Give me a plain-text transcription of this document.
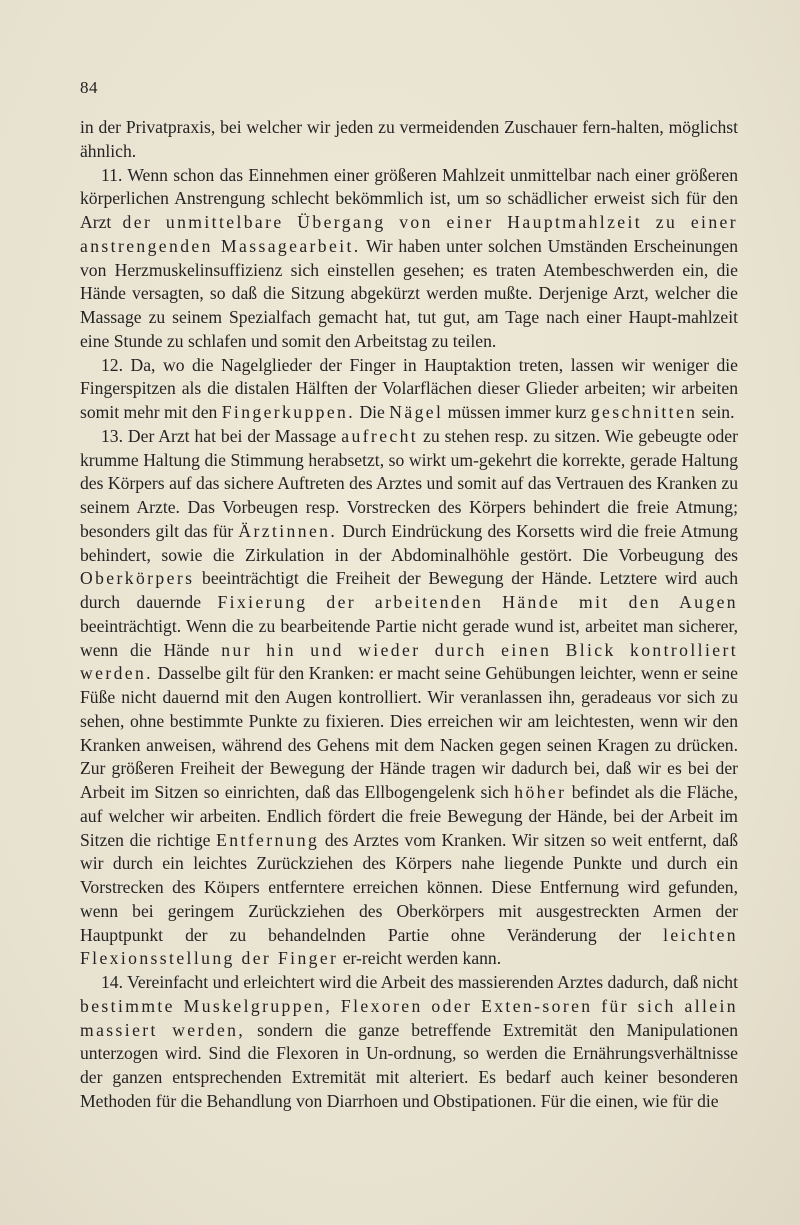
84

in der Privatpraxis, bei welcher wir jeden zu vermeidenden Zuschauer fern-halten, möglichst ähnlich.

11. Wenn schon das Einnehmen einer größeren Mahlzeit unmittelbar nach einer größeren körperlichen Anstrengung schlecht bekömmlich ist, um so schädlicher erweist sich für den Arzt der unmittelbare Übergang von einer Hauptmahlzeit zu einer anstrengenden Massagearbeit. Wir haben unter solchen Umständen Erscheinungen von Herzmuskelinsuffizienz sich einstellen gesehen; es traten Atembeschwerden ein, die Hände versagten, so daß die Sitzung abgekürzt werden mußte. Derjenige Arzt, welcher die Massage zu seinem Spezialfach gemacht hat, tut gut, am Tage nach einer Haupt-mahlzeit eine Stunde zu schlafen und somit den Arbeitstag zu teilen.

12. Da, wo die Nagelglieder der Finger in Hauptaktion treten, lassen wir weniger die Fingerspitzen als die distalen Hälften der Volarflächen dieser Glieder arbeiten; wir arbeiten somit mehr mit den Fingerkuppen. Die Nägel müssen immer kurz geschnitten sein.

13. Der Arzt hat bei der Massage aufrecht zu stehen resp. zu sitzen. Wie gebeugte oder krumme Haltung die Stimmung herabsetzt, so wirkt um-gekehrt die korrekte, gerade Haltung des Körpers auf das sichere Auftreten des Arztes und somit auf das Vertrauen des Kranken zu seinem Arzte. Das Vorbeugen resp. Vorstrecken des Körpers behindert die freie Atmung; besonders gilt das für Ärztinnen. Durch Eindrückung des Korsetts wird die freie Atmung behindert, sowie die Zirkulation in der Abdominalhöhle gestört. Die Vorbeugung des Oberkörpers beeinträchtigt die Freiheit der Bewegung der Hände. Letztere wird auch durch dauernde Fixierung der arbeitenden Hände mit den Augen beeinträchtigt. Wenn die zu bearbeitende Partie nicht gerade wund ist, arbeitet man sicherer, wenn die Hände nur hin und wieder durch einen Blick kontrolliert werden. Dasselbe gilt für den Kranken: er macht seine Gehübungen leichter, wenn er seine Füße nicht dauernd mit den Augen kontrolliert. Wir veranlassen ihn, geradeaus vor sich zu sehen, ohne bestimmte Punkte zu fixieren. Dies erreichen wir am leichtesten, wenn wir den Kranken anweisen, während des Gehens mit dem Nacken gegen seinen Kragen zu drücken. Zur größeren Freiheit der Bewegung der Hände tragen wir dadurch bei, daß wir es bei der Arbeit im Sitzen so einrichten, daß das Ellbogengelenk sich höher befindet als die Fläche, auf welcher wir arbeiten. Endlich fördert die freie Bewegung der Hände, bei der Arbeit im Sitzen die richtige Entfernung des Arztes vom Kranken. Wir sitzen so weit entfernt, daß wir durch ein leichtes Zurückziehen des Körpers nahe liegende Punkte und durch ein Vorstrecken des Köıpers entferntere erreichen können. Diese Entfernung wird gefunden, wenn bei geringem Zurückziehen des Oberkörpers mit ausgestreckten Armen der Hauptpunkt der zu behandelnden Partie ohne Veränderung der leichten Flexionsstellung der Finger er-reicht werden kann.

14. Vereinfacht und erleichtert wird die Arbeit des massierenden Arztes dadurch, daß nicht bestimmte Muskelgruppen, Flexoren oder Exten-soren für sich allein massiert werden, sondern die ganze betreffende Extremität den Manipulationen unterzogen wird. Sind die Flexoren in Un-ordnung, so werden die Ernährungsverhältnisse der ganzen entsprechenden Extremität mit alteriert. Es bedarf auch keiner besonderen Methoden für die Behandlung von Diarrhoen und Obstipationen. Für die einen, wie für die
